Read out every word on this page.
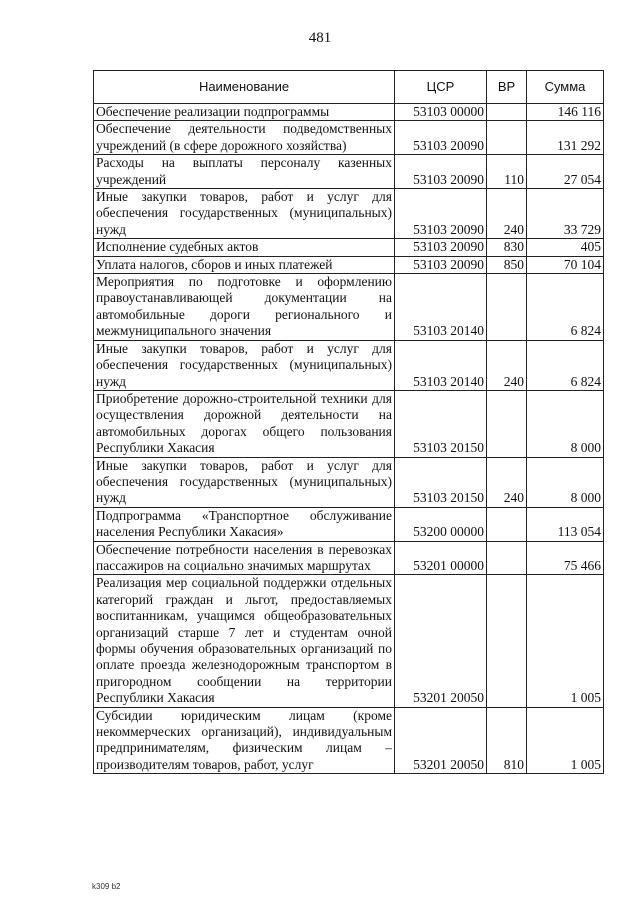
481
Наименование	ЦСР	ВР	Сумма
Обеспечение реализации подпрограммы	53103 00000		146 116
Обеспечение деятельности подведомственных учреждений (в сфере дорожного хозяйства)	53103 20090		131 292
Расходы на выплаты персоналу казенных учреждений	53103 20090	110	27 054
Иные закупки товаров, работ и услуг для обеспечения государственных (муниципальных) нужд	53103 20090	240	33 729
Исполнение судебных актов	53103 20090	830	405
Уплата налогов, сборов и иных платежей	53103 20090	850	70 104
Мероприятия по подготовке и оформлению правоустанавливающей документации на автомобильные дороги регионального и межмуниципального значения	53103 20140		6 824
Иные закупки товаров, работ и услуг для обеспечения государственных (муниципальных) нужд	53103 20140	240	6 824
Приобретение дорожно-строительной техники для осуществления дорожной деятельности на автомобильных дорогах общего пользования Республики Хакасия	53103 20150		8 000
Иные закупки товаров, работ и услуг для обеспечения государственных (муниципальных) нужд	53103 20150	240	8 000
Подпрограмма «Транспортное обслуживание населения Республики Хакасия»	53200 00000		113 054
Обеспечение потребности населения в перевозках пассажиров на социально значимых маршрутах	53201 00000		75 466
Реализация мер социальной поддержки отдельных категорий граждан и льгот, предоставляемых воспитанникам, учащимся общеобразовательных организаций старше 7 лет и студентам очной формы обучения образовательных организаций по оплате проезда железнодорожным транспортом в пригородном сообщении на территории Республики Хакасия	53201 20050		1 005
Субсидии юридическим лицам (кроме некоммерческих организаций), индивидуальным предпринимателям, физическим лицам – производителям товаров, работ, услуг	53201 20050	810	1 005
k309 b2
